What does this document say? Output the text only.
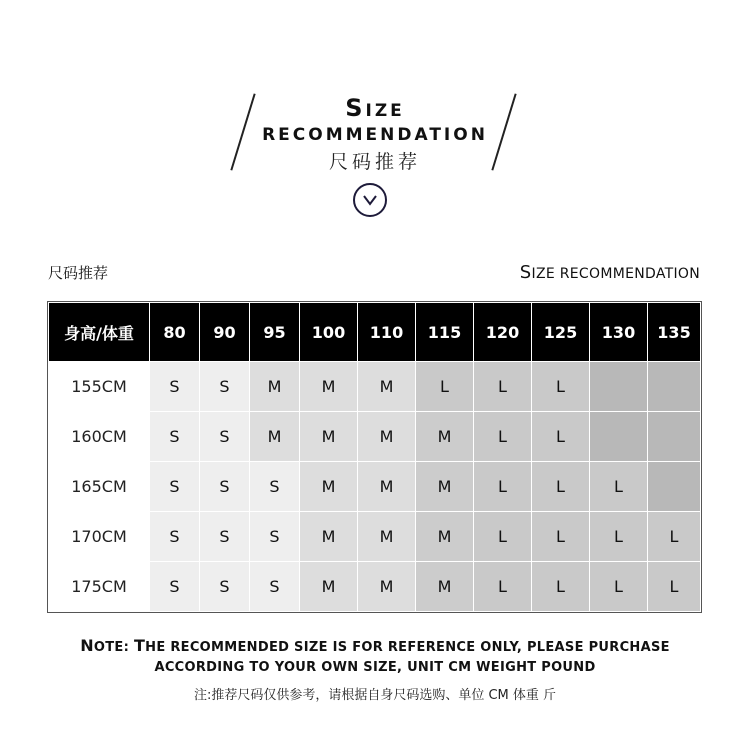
SIZE
RECOMMENDATION
尺码推荐
尺码推荐	SIZE RECOMMENDATION
身高/体重	80	90	95	100	110	115	120	125	130	135
155CM	S	S	M	M	M	L	L	L		
160CM	S	S	M	M	M	M	L	L		
165CM	S	S	S	M	M	M	L	L	L	
170CM	S	S	S	M	M	M	L	L	L	L
175CM	S	S	S	M	M	M	L	L	L	L
NOTE: THE RECOMMENDED SIZE IS FOR REFERENCE ONLY, PLEASE PURCHASE
ACCORDING TO YOUR OWN SIZE, UNIT CM WEIGHT POUND
注:推荐尺码仅供参考，请根据自身尺码选购、单位 CM 体重 斤
